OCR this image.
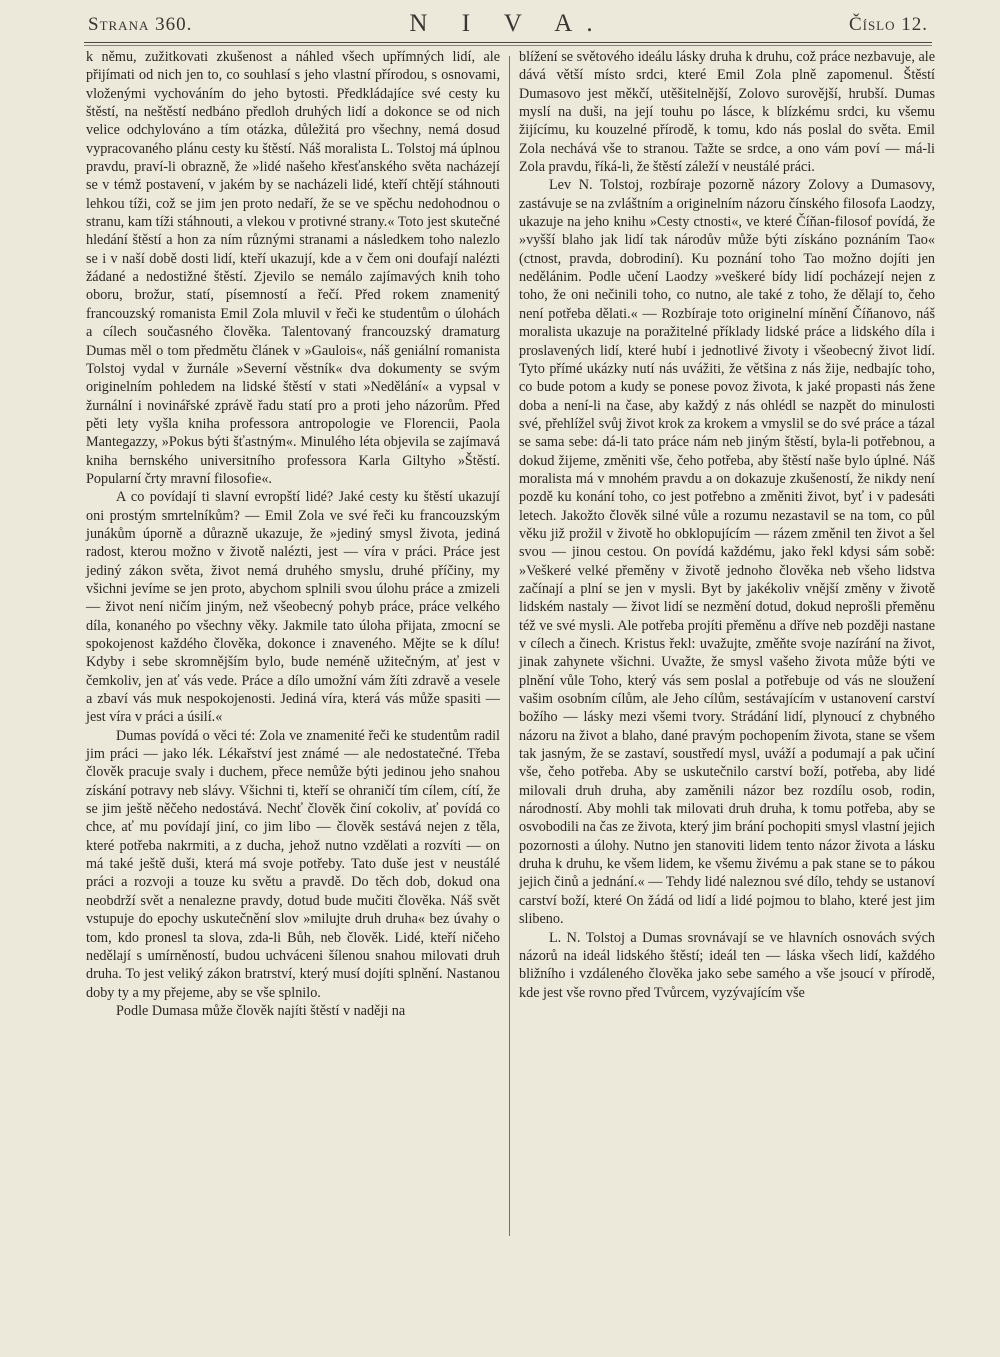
Strana 360.	N I V A.	Číslo 12.

k němu, zužitkovati zkušenost a náhled všech upřímných lidí, ale přijímati od nich jen to, co souhlasí s jeho vlastní přírodou, s osnovami, vloženými vychováním do jeho bytosti. Předkládajíce své cesty ku štěstí, na neštěstí nedbáno předloh druhých lidí a dokonce se od nich velice odchylováno a tím otázka, důležitá pro všechny, nemá dosud vypracovaného plánu cesty ku štěstí. Náš moralista L. Tolstoj má úplnou pravdu, praví-li obrazně, že »lidé našeho křesťanského světa nacházejí se v témž postavení, v jakém by se nacházeli lidé, kteří chtějí stáhnouti lehkou tíži, což se jim jen proto nedaří, že se ve spěchu nedohodnou o stranu, kam tíži stáhnouti, a vlekou v protivné strany.« Toto jest skutečné hledání štěstí a hon za ním různými stranami a následkem toho nalezlo se i v naší době dosti lidí, kteří ukazují, kde a v čem oni doufají nalézti žádané a nedostižné štěstí. Zjevilo se nemálo zajímavých knih toho oboru, brožur, statí, písemností a řečí. Před rokem znamenitý francouzský romanista Emil Zola mluvil v řeči ke studentům o úlohách a cílech současného člověka. Talentovaný francouzský dramaturg Dumas měl o tom předmětu článek v »Gaulois«, náš geniální romanista Tolstoj vydal v žurnále »Severní věstník« dva dokumenty se svým originelním pohledem na lidské štěstí v stati »Nedělání« a vypsal v žurnální i novinářské zprávě řadu statí pro a proti jeho názorům. Před pěti lety vyšla kniha professora antropologie ve Florencii, Paola Mantegazzy, »Pokus býti šťastným«. Minulého léta objevila se zajímavá kniha bernského universitního professora Karla Giltyho »Štěstí. Popularní črty mravní filosofie«.

A co povídají ti slavní evropští lidé? Jaké cesty ku štěstí ukazují oni prostým smrtelníkům? — Emil Zola ve své řeči ku francouzským junákům úporně a důrazně ukazuje, že »jediný smysl života, jediná radost, kterou možno v životě nalézti, jest — víra v práci. Práce jest jediný zákon světa, život nemá druhého smyslu, druhé příčiny, my všichni jevíme se jen proto, abychom splnili svou úlohu práce a zmizeli — život není ničím jiným, než všeobecný pohyb práce, práce velkého díla, konaného po všechny věky. Jakmile tato úloha přijata, zmocní se spokojenost každého člověka, dokonce i znaveného. Mějte se k dílu! Kdyby i sebe skromnějším bylo, bude neméně užitečným, ať jest v čemkoliv, jen ať vás vede. Práce a dílo umožní vám žíti zdravě a vesele a zbaví vás muk nespokojenosti. Jediná víra, která vás může spasiti — jest víra v práci a úsilí.«

Dumas povídá o věci té: Zola ve znamenité řeči ke studentům radil jim práci — jako lék. Lékařství jest známé — ale nedostatečné. Třeba člověk pracuje svaly i duchem, přece nemůže býti jedinou jeho snahou získání potravy neb slávy. Všichni ti, kteří se ohraničí tím cílem, cítí, že se jim ještě něčeho nedostává. Nechť člověk činí cokoliv, ať povídá co chce, ať mu povídají jiní, co jim libo — člověk sestává nejen z těla, které potřeba nakrmiti, a z ducha, jehož nutno vzdělati a rozvíti — on má také ještě duši, která má svoje potřeby. Tato duše jest v neustálé práci a rozvoji a touze ku světu a pravdě. Do těch dob, dokud ona neobdrží svět a nenalezne pravdy, dotud bude mučiti člověka. Náš svět vstupuje do epochy uskutečnění slov »milujte druh druha« bez úvahy o tom, kdo pronesl ta slova, zda-li Bůh, neb člověk. Lidé, kteří ničeho nedělají s umírněností, budou uchváceni šílenou snahou milovati druh druha. To jest veliký zákon bratrství, který musí dojíti splnění. Nastanou doby ty a my přejeme, aby se vše splnilo.

Podle Dumasa může člověk najíti štěstí v naději na

blížení se světového ideálu lásky druha k druhu, což práce nezbavuje, ale dává větší místo srdci, které Emil Zola plně zapomenul. Štěstí Dumasovo jest měkčí, utěšitelnější, Zolovo surovější, hrubší. Dumas myslí na duši, na její touhu po lásce, k blízkému srdci, ku všemu žijícímu, ku kouzelné přírodě, k tomu, kdo nás poslal do světa. Emil Zola nechává vše to stranou. Tažte se srdce, a ono vám poví — má-li Zola pravdu, říká-li, že štěstí záleží v neustálé práci.

Lev N. Tolstoj, rozbíraje pozorně názory Zolovy a Dumasovy, zastávuje se na zvláštním a originelním názoru čínského filosofa Laodzy, ukazuje na jeho knihu »Cesty ctnosti«, ve které Číňan-filosof povídá, že »vyšší blaho jak lidí tak národův může býti získáno poznáním Tao« (ctnost, pravda, dobrodiní). Ku poznání toho Tao možno dojíti jen nedělánim. Podle učení Laodzy »veškeré bídy lidí pocházejí nejen z toho, že oni nečinili toho, co nutno, ale také z toho, že dělají to, čeho není potřeba dělati.« — Rozbíraje toto originelní mínění Číňanovo, náš moralista ukazuje na poražitelné příklady lidské práce a lidského díla i proslavených lidí, které hubí i jednotlivé životy i všeobecný život lidí. Tyto přímé ukázky nutí nás uvážiti, že většina z nás žije, nedbajíc toho, co bude potom a kudy se ponese povoz života, k jaké propasti nás žene doba a není-li na čase, aby každý z nás ohlédl se nazpět do minulosti své, přehlížel svůj život krok za krokem a vmyslil se do své práce a tázal se sama sebe: dá-li tato práce nám neb jiným štěstí, byla-li potřebnou, a dokud žijeme, změniti vše, čeho potřeba, aby štěstí naše bylo úplné. Náš moralista má v mnohém pravdu a on dokazuje zkušeností, že nikdy není pozdě ku konání toho, co jest potřebno a změniti život, byť i v padesáti letech. Jakožto člověk silné vůle a rozumu nezastavil se na tom, co půl věku již prožil v životě ho obklopujícím — rázem změnil ten život a šel svou — jinou cestou. On povídá každému, jako řekl kdysi sám sobě: »Veškeré velké přeměny v životě jednoho člověka neb všeho lidstva začínají a plní se jen v mysli. Byt by jakékoliv vnější změny v životě lidském nastaly — život lidí se nezmění dotud, dokud neprošli přeměnu též ve své mysli. Ale potřeba projíti přeměnu a dříve neb později nastane v cílech a činech. Kristus řekl: uvažujte, změňte svoje nazírání na život, jinak zahynete všichni. Uvažte, že smysl vašeho života může býti ve plnění vůle Toho, který vás sem poslal a potřebuje od vás ne sloužení vašim osobním cílům, ale Jeho cílům, sestávajícím v ustanovení carství božího — lásky mezi všemi tvory. Strádání lidí, plynoucí z chybného názoru na život a blaho, dané pravým pochopením života, stane se všem tak jasným, že se zastaví, soustředí mysl, uváží a podumají a pak učiní vše, čeho potřeba. Aby se uskutečnilo carství boží, potřeba, aby lidé milovali druh druha, aby zaměnili názor bez rozdílu osob, rodin, národností. Aby mohli tak milovati druh druha, k tomu potřeba, aby se osvobodili na čas ze života, který jim brání pochopiti smysl vlastní jejich pozornosti a úlohy. Nutno jen stanoviti lidem tento názor života a lásku druha k druhu, ke všem lidem, ke všemu živému a pak stane se to pákou jejich činů a jednání.« — Tehdy lidé naleznou své dílo, tehdy se ustanoví carství boží, které On žádá od lidí a lidé pojmou to blaho, které jest jim slibeno.

L. N. Tolstoj a Dumas srovnávají se ve hlavních osnovách svých názorů na ideál lidského štěstí; ideál ten — láska všech lidí, každého bližního i vzdáleného člověka jako sebe samého a vše jsoucí v přírodě, kde jest vše rovno před Tvůrcem, vyzývajícím vše
